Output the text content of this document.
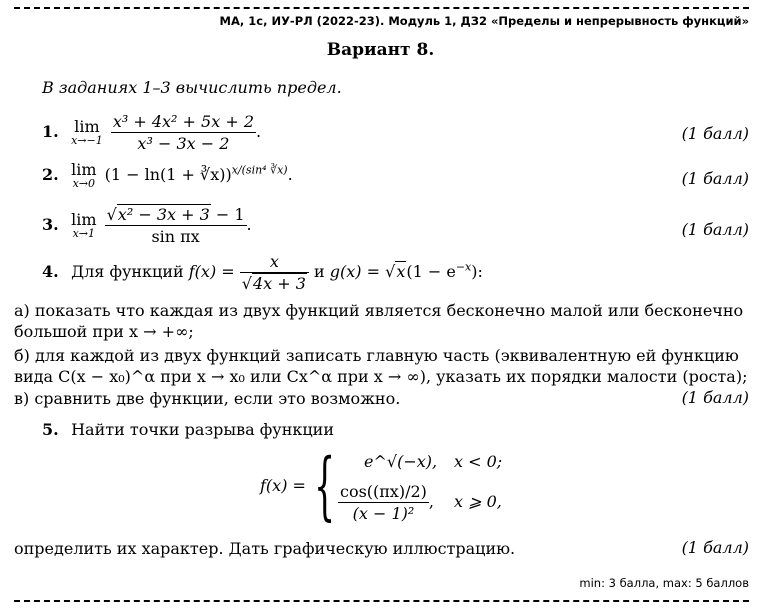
МА, 1с, ИУ-РЛ (2022-23). Модуль 1, ДЗ2 «Пределы и непрерывность функций»
Вариант 8.
В заданиях 1–3 вычислить предел.
1. lim
x→−1
$\frac{\text{x³ + 4x² + 5x + 2}}{\text{x³ − 3x − 2}}$ .	(1 балл)
2. lim
x→0 (1 − ln(1 + ∛x))$^{x/(sin^4 ∛x)}$.	(1 балл)
3. lim
x→1
$\frac{\text{√x² − 3x + 3 − 1}}{\text{sin πx}}$ .	(1 балл)
4. Для функций $f(x) = \frac{x}{√4x + 3}$ и $g(x) = √x(1 - e^{-x})$:
а) показать что каждая из двух функций является бесконечно малой или бесконечно большой при x → +∞;
б) для каждой из двух функций записать главную часть (эквивалентную ей функцию вида C(x − x₀)^α при x → x₀ или Cx^α при x → ∞), указать их порядки малости (роста);
в) сравнить две функции, если это возможно.	(1 балл)
5. Найти точки разрыва функции
f(x) = { e^√(−x), x < 0;
$\frac{\cos((\pi x)/2)}{\text{(x − 1)²}}$ , x ⩾ 0,
определить их характер. Дать графическую иллюстрацию.	(1 балл)
min: 3 балла, max: 5 баллов
